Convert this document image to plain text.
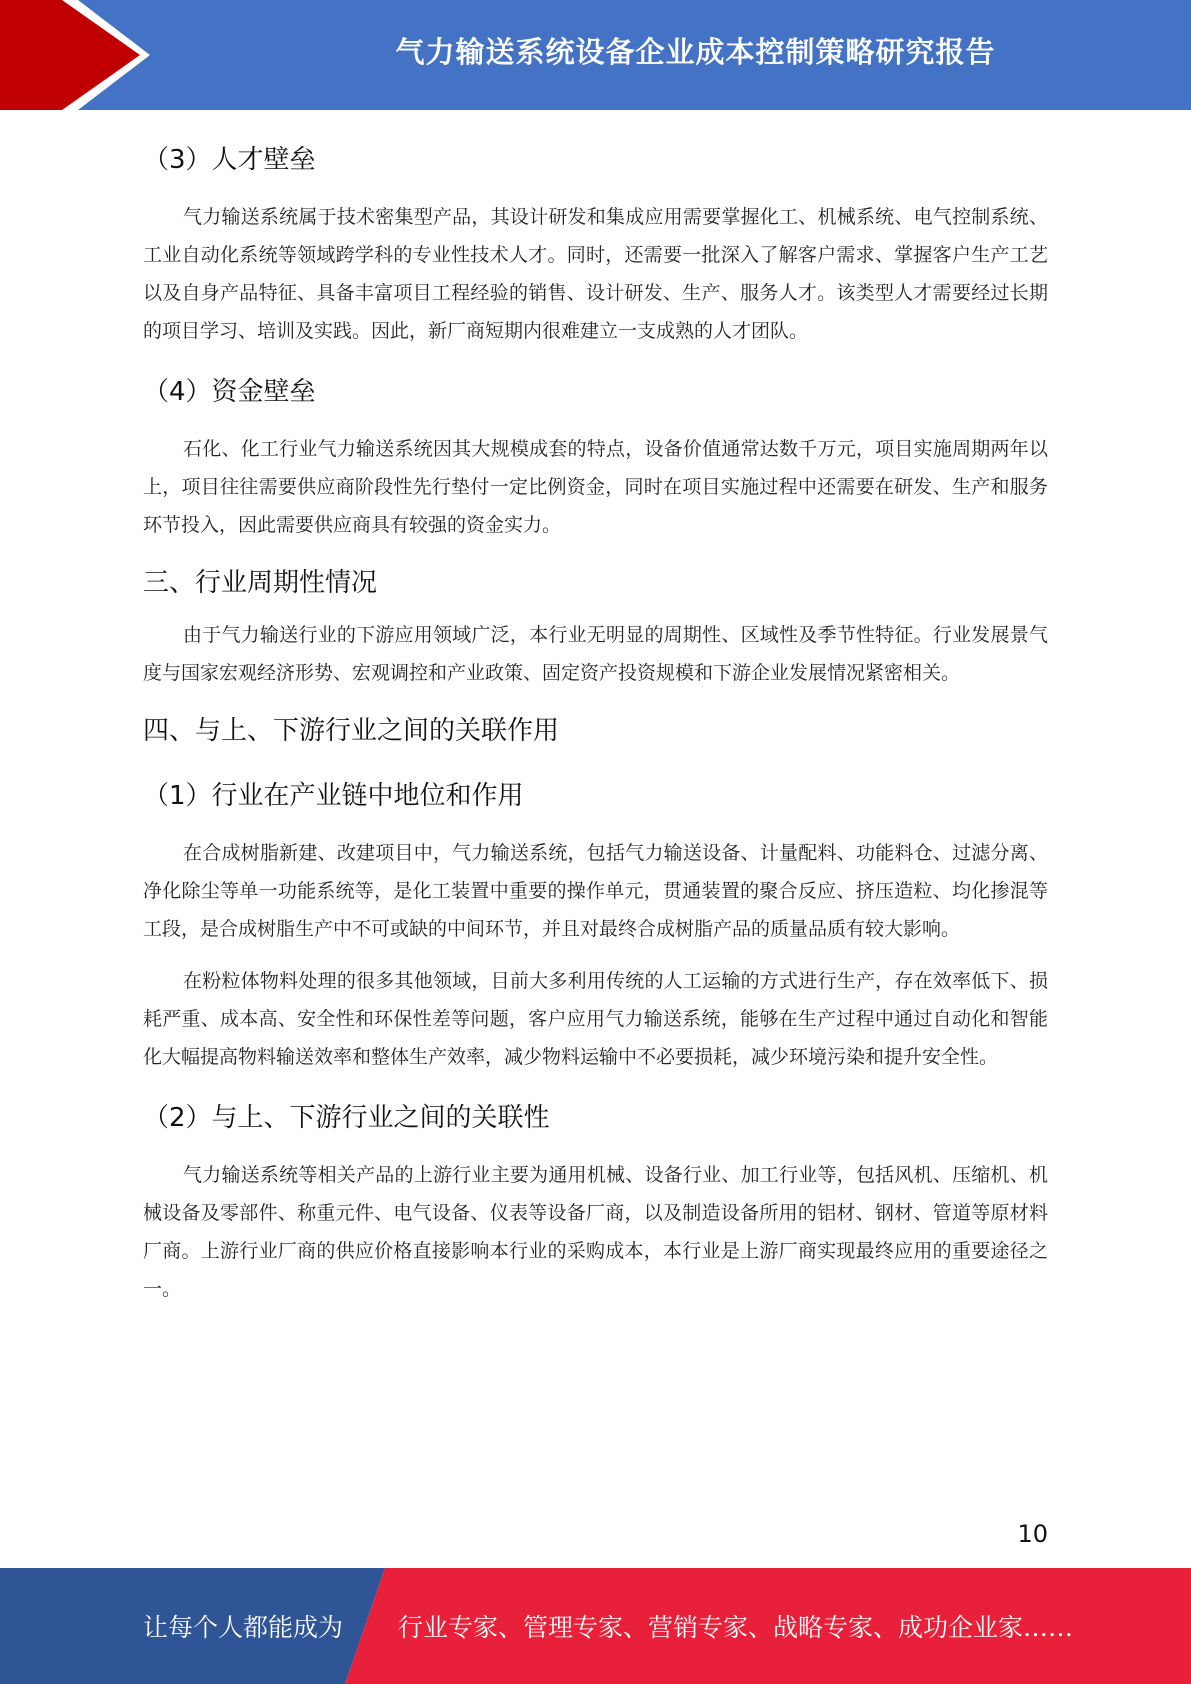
气力输送系统设备企业成本控制策略研究报告
（3）人才壁垒

气力输送系统属于技术密集型产品，其设计研发和集成应用需要掌握化工、机械系统、电气控制系统、工业自动化系统等领域跨学科的专业性技术人才。同时，还需要一批深入了解客户需求、掌握客户生产工艺以及自身产品特征、具备丰富项目工程经验的销售、设计研发、生产、服务人才。该类型人才需要经过长期的项目学习、培训及实践。因此，新厂商短期内很难建立一支成熟的人才团队。

（4）资金壁垒

石化、化工行业气力输送系统因其大规模成套的特点，设备价值通常达数千万元，项目实施周期两年以上，项目往往需要供应商阶段性先行垫付一定比例资金，同时在项目实施过程中还需要在研发、生产和服务环节投入，因此需要供应商具有较强的资金实力。

三、行业周期性情况

由于气力输送行业的下游应用领域广泛，本行业无明显的周期性、区域性及季节性特征。行业发展景气度与国家宏观经济形势、宏观调控和产业政策、固定资产投资规模和下游企业发展情况紧密相关。

四、与上、下游行业之间的关联作用
（1）行业在产业链中地位和作用

在合成树脂新建、改建项目中，气力输送系统，包括气力输送设备、计量配料、功能料仓、过滤分离、净化除尘等单一功能系统等，是化工装置中重要的操作单元，贯通装置的聚合反应、挤压造粒、均化掺混等工段，是合成树脂生产中不可或缺的中间环节，并且对最终合成树脂产品的质量品质有较大影响。

在粉粒体物料处理的很多其他领域，目前大多利用传统的人工运输的方式进行生产，存在效率低下、损耗严重、成本高、安全性和环保性差等问题，客户应用气力输送系统，能够在生产过程中通过自动化和智能化大幅提高物料输送效率和整体生产效率，减少物料运输中不必要损耗，减少环境污染和提升安全性。

（2）与上、下游行业之间的关联性

气力输送系统等相关产品的上游行业主要为通用机械、设备行业、加工行业等，包括风机、压缩机、机械设备及零部件、称重元件、电气设备、仪表等设备厂商，以及制造设备所用的铝材、钢材、管道等原材料厂商。上游行业厂商的供应价格直接影响本行业的采购成本，本行业是上游厂商实现最终应用的重要途径之一。

10
让每个人都能成为 行业专家、管理专家、营销专家、战略专家、成功企业家……
